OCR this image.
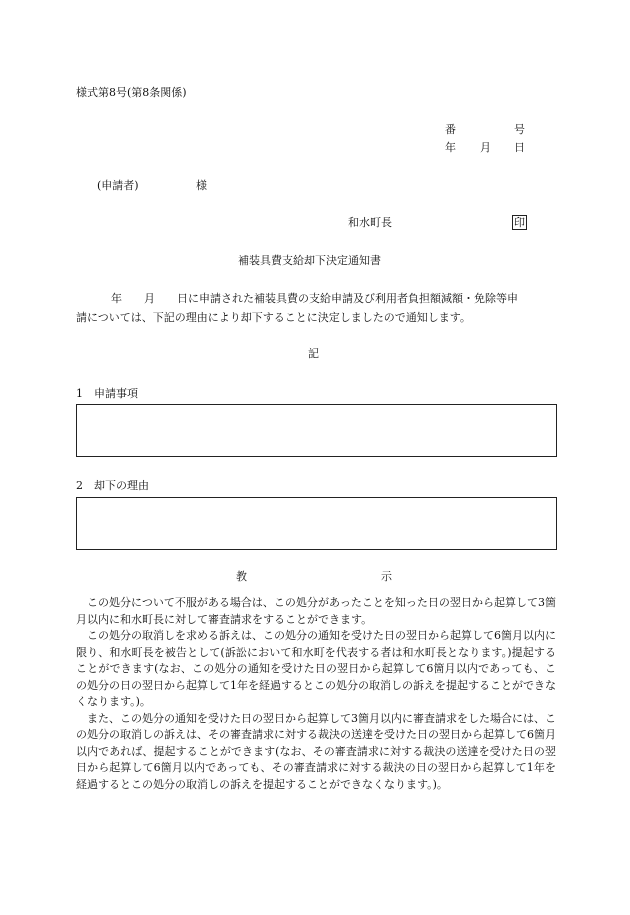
様式第8号(第8条関係)
番	号
年 月 日
(申請者)	様
和水町長	印
補装具費支給却下決定通知書
年　　月　　日に申請された補装具費の支給申請及び利用者負担額減額・免除等申
請については、下記の理由により却下することに決定しましたので通知します。
記
1　申請事項
2　却下の理由
教	示

この処分について不服がある場合は、この処分があったことを知った日の翌日から起算して3箇月以内に和水町長に対して審査請求をすることができます。

この処分の取消しを求める訴えは、この処分の通知を受けた日の翌日から起算して6箇月以内に限り、和水町長を被告として(訴訟において和水町を代表する者は和水町長となります。)提起することができます(なお、この処分の通知を受けた日の翌日から起算して6箇月以内であっても、この処分の日の翌日から起算して1年を経過するとこの処分の取消しの訴えを提起することができなくなります。)。

また、この処分の通知を受けた日の翌日から起算して3箇月以内に審査請求をした場合には、この処分の取消しの訴えは、その審査請求に対する裁決の送達を受けた日の翌日から起算して6箇月以内であれば、提起することができます(なお、その審査請求に対する裁決の送達を受けた日の翌日から起算して6箇月以内であっても、その審査請求に対する裁決の日の翌日から起算して1年を経過するとこの処分の取消しの訴えを提起することができなくなります。)。
